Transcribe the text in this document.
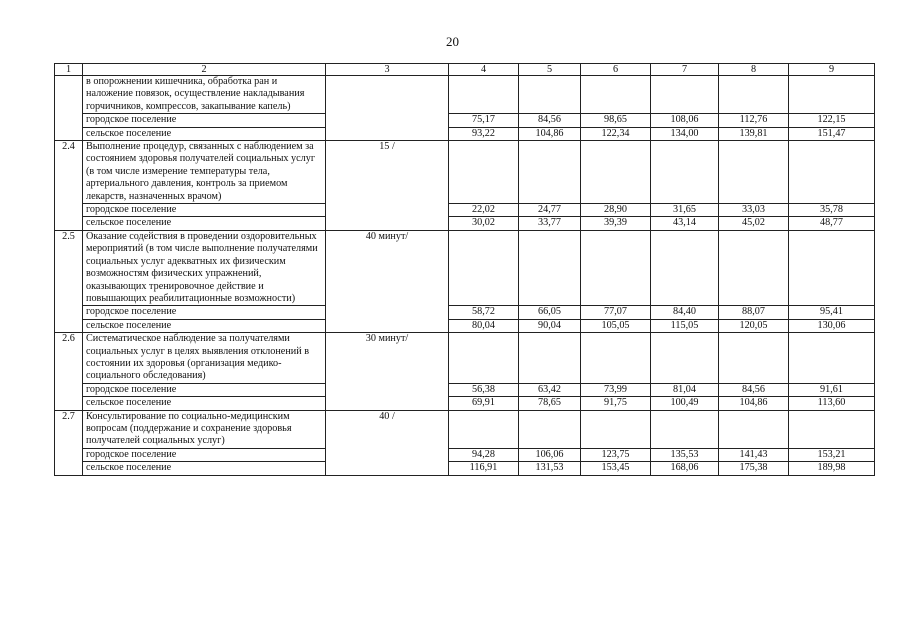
20
1	2	3	4	5	6	7	8	9
	в опорожнении кишечника, обработка ран и наложение повязок, осуществление накладывания горчичников, компрессов, закапывание капель)							
	городское поселение		75,17	84,56	98,65	108,06	112,76	122,15
	сельское поселение		93,22	104,86	122,34	134,00	139,81	151,47
2.4	Выполнение процедур, связанных с наблюдением за состоянием здоровья получателей социальных услуг (в том числе измерение температуры тела, артериального давления, контроль за приемом лекарств, назначенных врачом)	15 /						
	городское поселение		22,02	24,77	28,90	31,65	33,03	35,78
	сельское поселение		30,02	33,77	39,39	43,14	45,02	48,77
2.5	Оказание содействия в проведении оздоровительных мероприятий (в том числе выполнение получателями социальных услуг адекватных их физическим возможностям физических упражнений, оказывающих тренировочное действие и повышающих реабилитационные возможности)	40 минут/						
	городское поселение		58,72	66,05	77,07	84,40	88,07	95,41
	сельское поселение		80,04	90,04	105,05	115,05	120,05	130,06
2.6	Систематическое наблюдение за получателями социальных услуг в целях выявления отклонений в состоянии их здоровья (организация медико-социального обследования)	30 минут/						
	городское поселение		56,38	63,42	73,99	81,04	84,56	91,61
	сельское поселение		69,91	78,65	91,75	100,49	104,86	113,60
2.7	Консультирование по социально-медицинским вопросам (поддержание и сохранение здоровья получателей социальных услуг)	40 /						
	городское поселение		94,28	106,06	123,75	135,53	141,43	153,21
	сельское поселение		116,91	131,53	153,45	168,06	175,38	189,98
